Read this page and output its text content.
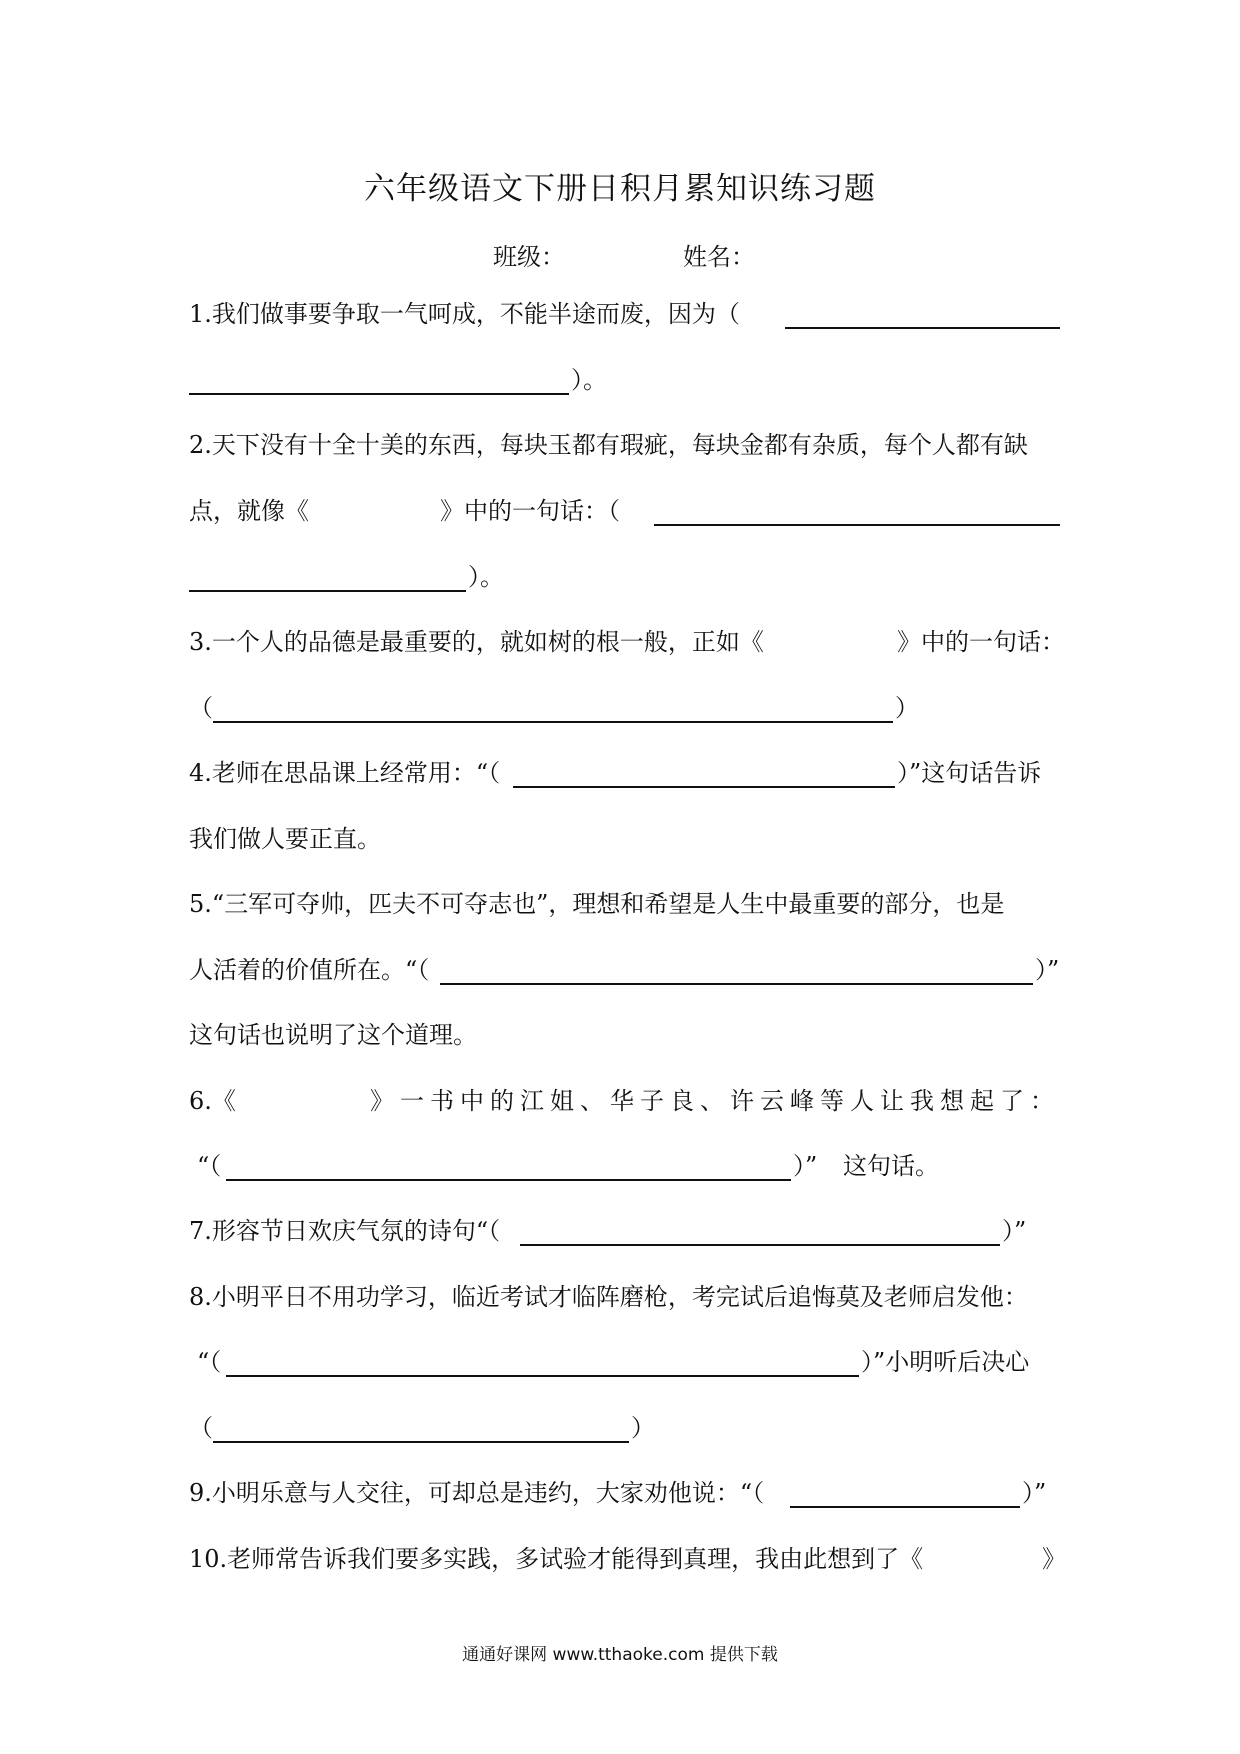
六年级语文下册日积月累知识练习题
班级：	姓名：
1.我们做事要争取一气呵成，不能半途而废，因为（
）。
2.天下没有十全十美的东西，每块玉都有瑕疵，每块金都有杂质，每个人都有缺
点，就像《	》中的一句话：（
）。
3.一个人的品德是最重要的，就如树的根一般，正如《	》中的一句话：
（	）
4.老师在思品课上经常用：“（	）”这句话告诉
我们做人要正直。
5.“三军可夺帅，匹夫不可夺志也”，理想和希望是人生中最重要的部分，也是
人活着的价值所在。“（	）”
这句话也说明了这个道理。
6.《	》一书中的江姐、华子良、许云峰等人让我想起了：
“（	）” 这句话。
7.形容节日欢庆气氛的诗句“（	）”
8.小明平日不用功学习，临近考试才临阵磨枪，考完试后追悔莫及老师启发他：
“（	）”小明听后决心
（	）
9.小明乐意与人交往，可却总是违约，大家劝他说：“（	）”
10.老师常告诉我们要多实践，多试验才能得到真理，我由此想到了《	》
通通好课网 www.tthaoke.com 提供下载
